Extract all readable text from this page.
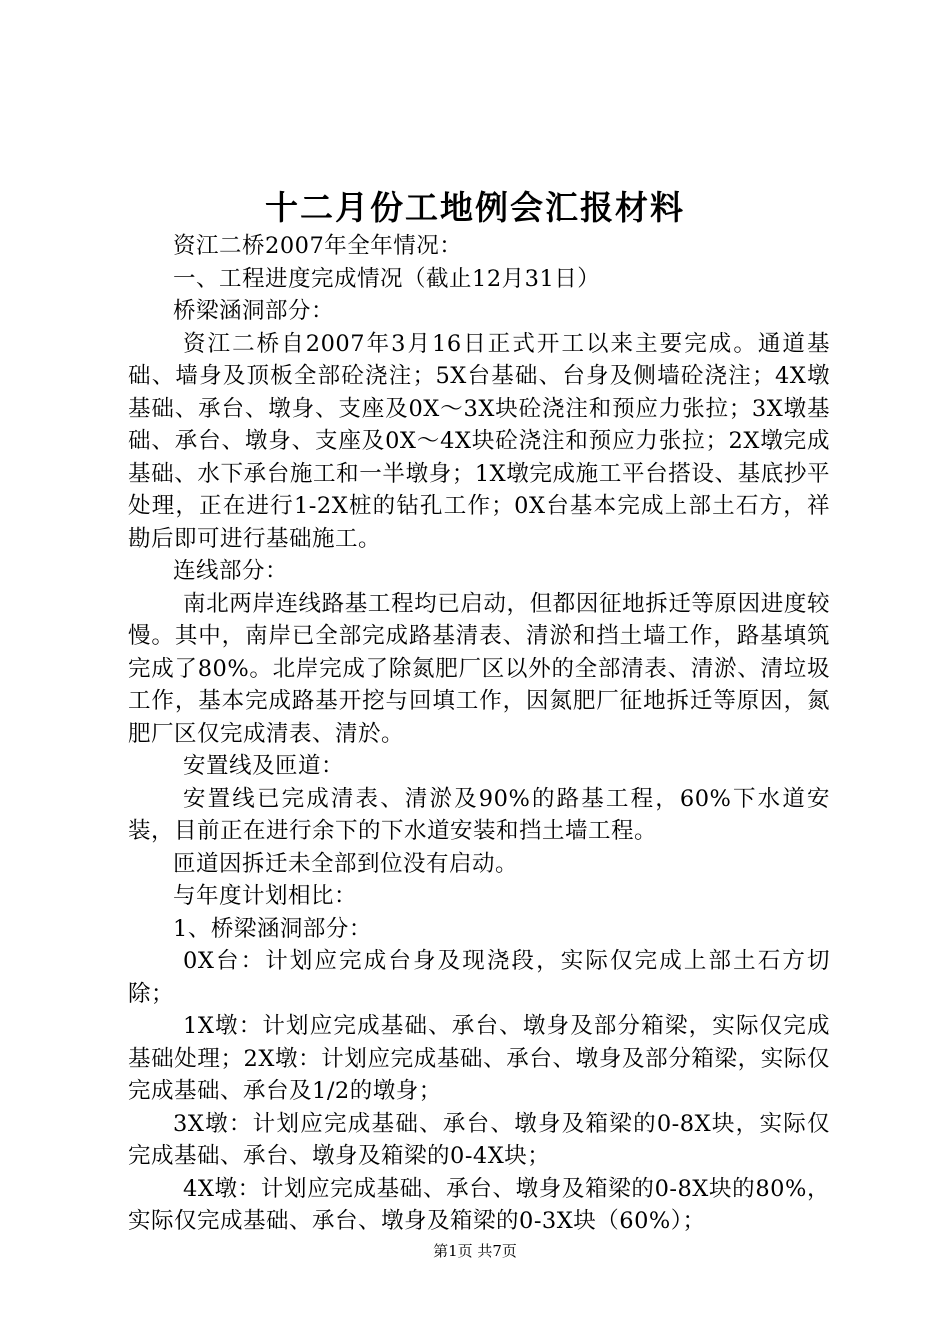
十二月份工地例会汇报材料

资江二桥2007年全年情况：

一、工程进度完成情况（截止12月31日）

桥梁涵洞部分：

资江二桥自2007年3月16日正式开工以来主要完成。通道基础、墙身及顶板全部砼浇注；5X台基础、台身及侧墙砼浇注；4X墩基础、承台、墩身、支座及0X～3X块砼浇注和预应力张拉；3X墩基础、承台、墩身、支座及0X～4X块砼浇注和预应力张拉；2X墩完成基础、水下承台施工和一半墩身；1X墩完成施工平台搭设、基底抄平处理，正在进行1-2X桩的钻孔工作；0X台基本完成上部土石方，祥勘后即可进行基础施工。

连线部分：

南北两岸连线路基工程均已启动，但都因征地拆迁等原因进度较慢。其中，南岸已全部完成路基清表、清淤和挡土墙工作，路基填筑完成了80%。北岸完成了除氮肥厂区以外的全部清表、清淤、清垃圾工作，基本完成路基开挖与回填工作，因氮肥厂征地拆迁等原因，氮肥厂区仅完成清表、清於。

安置线及匝道：

安置线已完成清表、清淤及90%的路基工程，60%下水道安装，目前正在进行余下的下水道安装和挡土墙工程。

匝道因拆迁未全部到位没有启动。

与年度计划相比：

1、桥梁涵洞部分：

0X台：计划应完成台身及现浇段，实际仅完成上部土石方切除；

1X墩：计划应完成基础、承台、墩身及部分箱梁，实际仅完成基础处理；2X墩：计划应完成基础、承台、墩身及部分箱梁，实际仅完成基础、承台及1/2的墩身；

3X墩：计划应完成基础、承台、墩身及箱梁的0-8X块，实际仅完成基础、承台、墩身及箱梁的0-4X块；

4X墩：计划应完成基础、承台、墩身及箱梁的0-8X块的80%，实际仅完成基础、承台、墩身及箱梁的0-3X块（60%）；

第1页 共7页
